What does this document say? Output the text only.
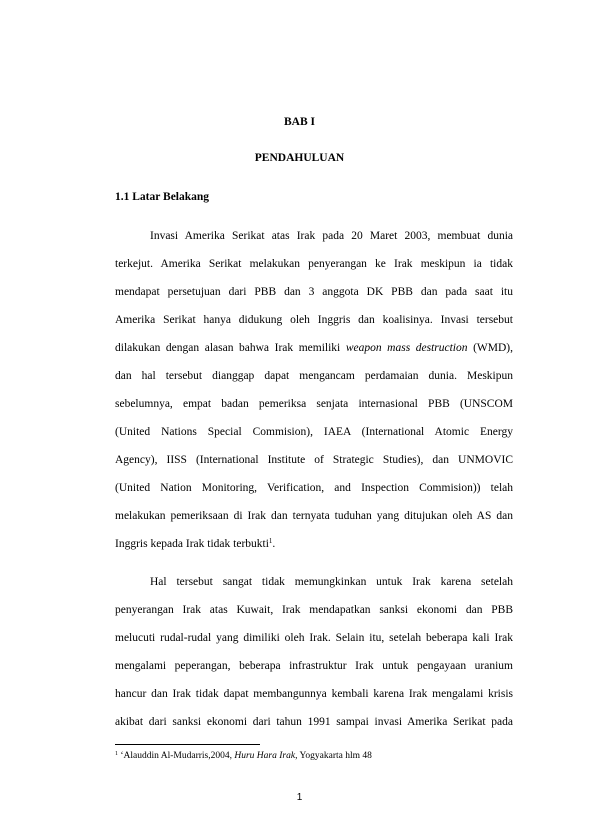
BAB I
PENDAHULUAN
1.1 Latar Belakang
Invasi Amerika Serikat atas Irak pada 20 Maret 2003, membuat dunia
terkejut. Amerika Serikat melakukan penyerangan ke Irak meskipun ia tidak
mendapat persetujuan dari PBB dan 3 anggota DK PBB dan pada saat itu
Amerika Serikat hanya didukung oleh Inggris dan koalisinya. Invasi tersebut
dilakukan dengan alasan bahwa Irak memiliki weapon mass destruction (WMD),
dan hal tersebut dianggap dapat mengancam perdamaian dunia. Meskipun
sebelumnya, empat badan pemeriksa senjata internasional PBB (UNSCOM
(United Nations Special Commision), IAEA (International Atomic Energy
Agency), IISS (International Institute of Strategic Studies), dan UNMOVIC
(United Nation Monitoring, Verification, and Inspection Commision)) telah
melakukan pemeriksaan di Irak dan ternyata tuduhan yang ditujukan oleh AS dan
Inggris kepada Irak tidak terbukti$^1$.
Hal tersebut sangat tidak memungkinkan untuk Irak karena setelah
penyerangan Irak atas Kuwait, Irak mendapatkan sanksi ekonomi dan PBB
melucuti rudal-rudal yang dimiliki oleh Irak. Selain itu, setelah beberapa kali Irak
mengalami peperangan, beberapa infrastruktur Irak untuk pengayaan uranium
hancur dan Irak tidak dapat membangunnya kembali karena Irak mengalami krisis
akibat dari sanksi ekonomi dari tahun 1991 sampai invasi Amerika Serikat pada
$^1$ ‘Alauddin Al-Mudarris,2004, Huru Hara Irak, Yogyakarta hlm 48
1
